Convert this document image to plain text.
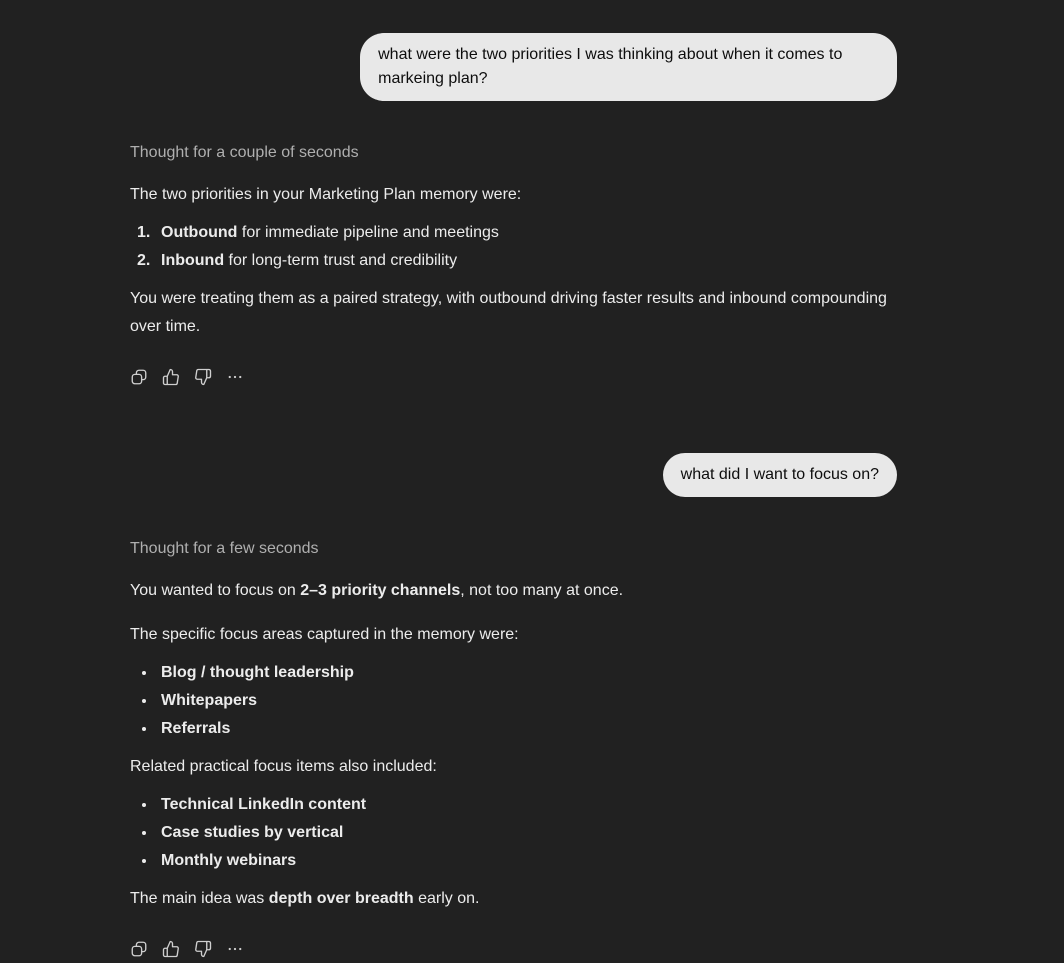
what were the two priorities I was thinking about when it comes to markeing plan?
Thought for a couple of seconds

The two priorities in your Marketing Plan memory were:

Outbound for immediate pipeline and meetings
Inbound for long-term trust and credibility

You were treating them as a paired strategy, with outbound driving faster results and inbound compounding over time.

what did I want to focus on?
Thought for a few seconds

You wanted to focus on 2–3 priority channels, not too many at once.

The specific focus areas captured in the memory were:

Blog / thought leadership
Whitepapers
Referrals

Related practical focus items also included:

Technical LinkedIn content
Case studies by vertical
Monthly webinars

The main idea was depth over breadth early on.
